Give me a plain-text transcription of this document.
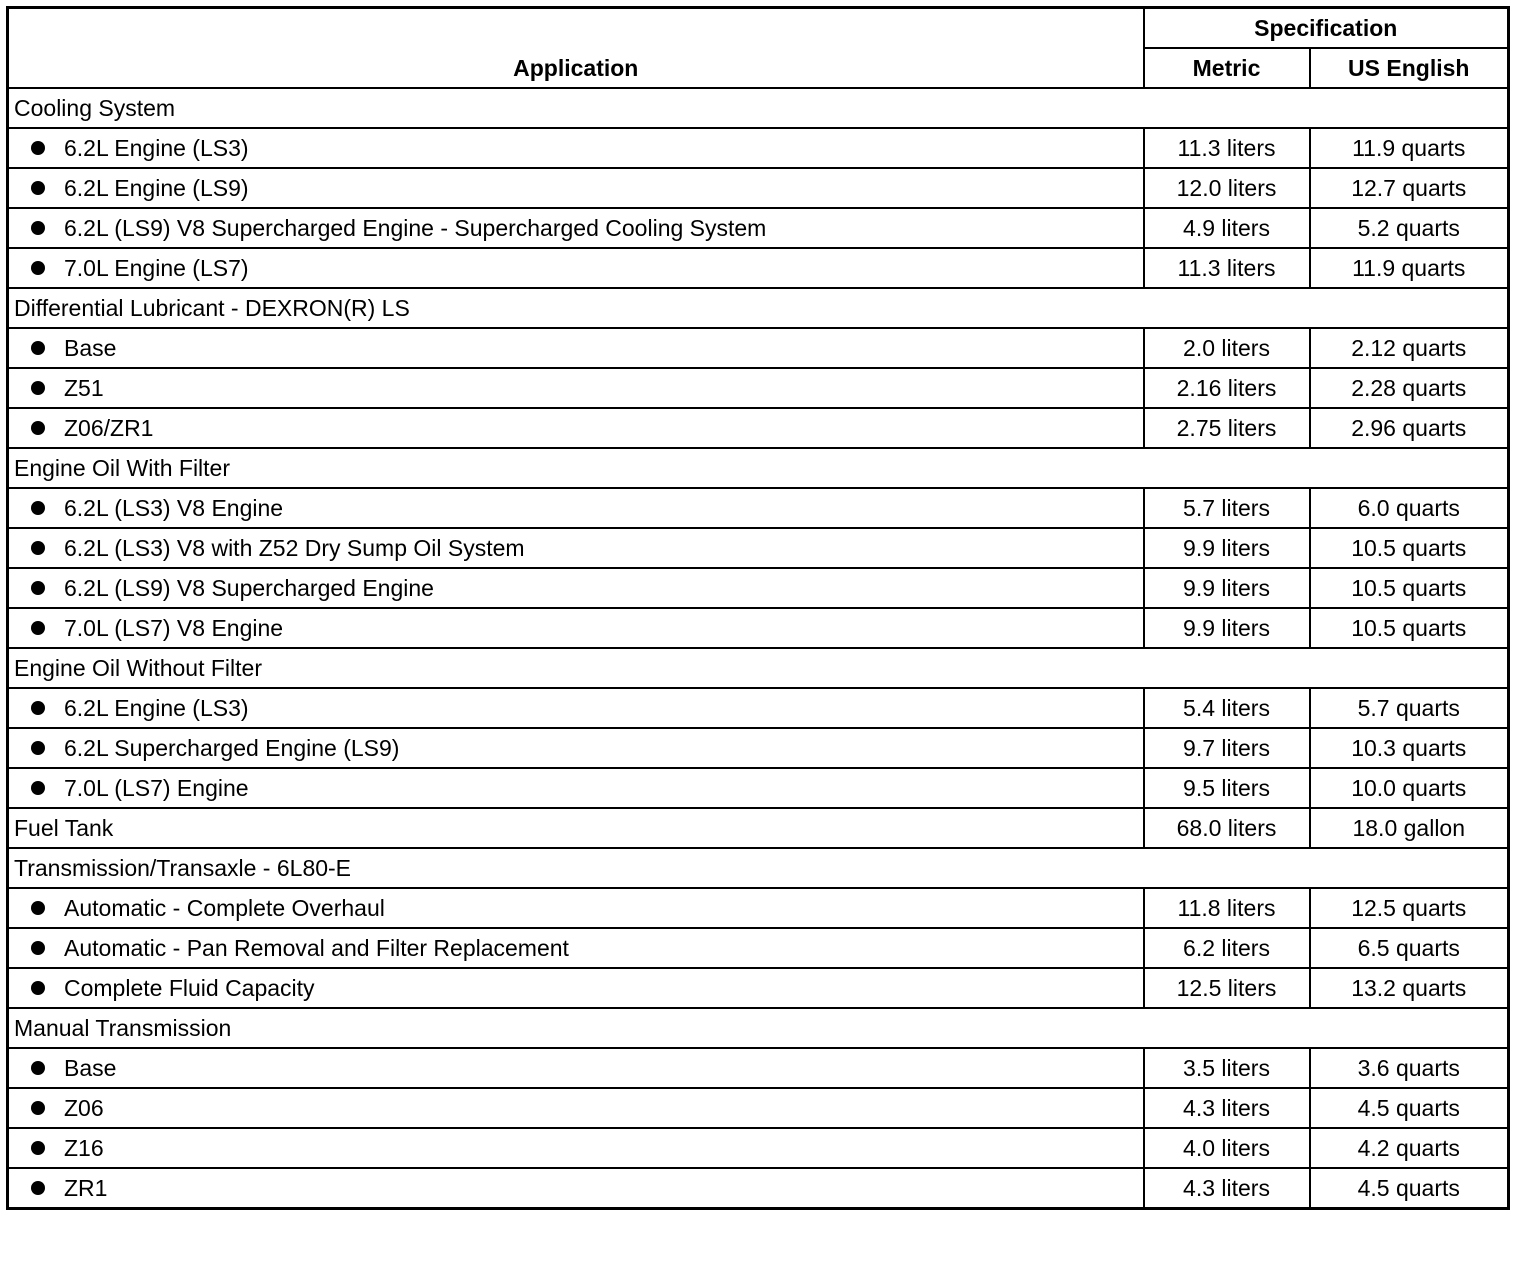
Application	Specification	
	Metric	US English
Cooling System		
6.2L Engine (LS3)	11.3 liters	11.9 quarts
6.2L Engine (LS9)	12.0 liters	12.7 quarts
6.2L (LS9) V8 Supercharged Engine - Supercharged Cooling System	4.9 liters	5.2 quarts
7.0L Engine (LS7)	11.3 liters	11.9 quarts
Differential Lubricant - DEXRON(R) LS		
Base	2.0 liters	2.12 quarts
Z51	2.16 liters	2.28 quarts
Z06/ZR1	2.75 liters	2.96 quarts
Engine Oil With Filter		
6.2L (LS3) V8 Engine	5.7 liters	6.0 quarts
6.2L (LS3) V8 with Z52 Dry Sump Oil System	9.9 liters	10.5 quarts
6.2L (LS9) V8 Supercharged Engine	9.9 liters	10.5 quarts
7.0L (LS7) V8 Engine	9.9 liters	10.5 quarts
Engine Oil Without Filter		
6.2L Engine (LS3)	5.4 liters	5.7 quarts
6.2L Supercharged Engine (LS9)	9.7 liters	10.3 quarts
7.0L (LS7) Engine	9.5 liters	10.0 quarts
Fuel Tank	68.0 liters	18.0 gallon
Transmission/Transaxle - 6L80-E		
Automatic - Complete Overhaul	11.8 liters	12.5 quarts
Automatic - Pan Removal and Filter Replacement	6.2 liters	6.5 quarts
Complete Fluid Capacity	12.5 liters	13.2 quarts
Manual Transmission		
Base	3.5 liters	3.6 quarts
Z06	4.3 liters	4.5 quarts
Z16	4.0 liters	4.2 quarts
ZR1	4.3 liters	4.5 quarts
